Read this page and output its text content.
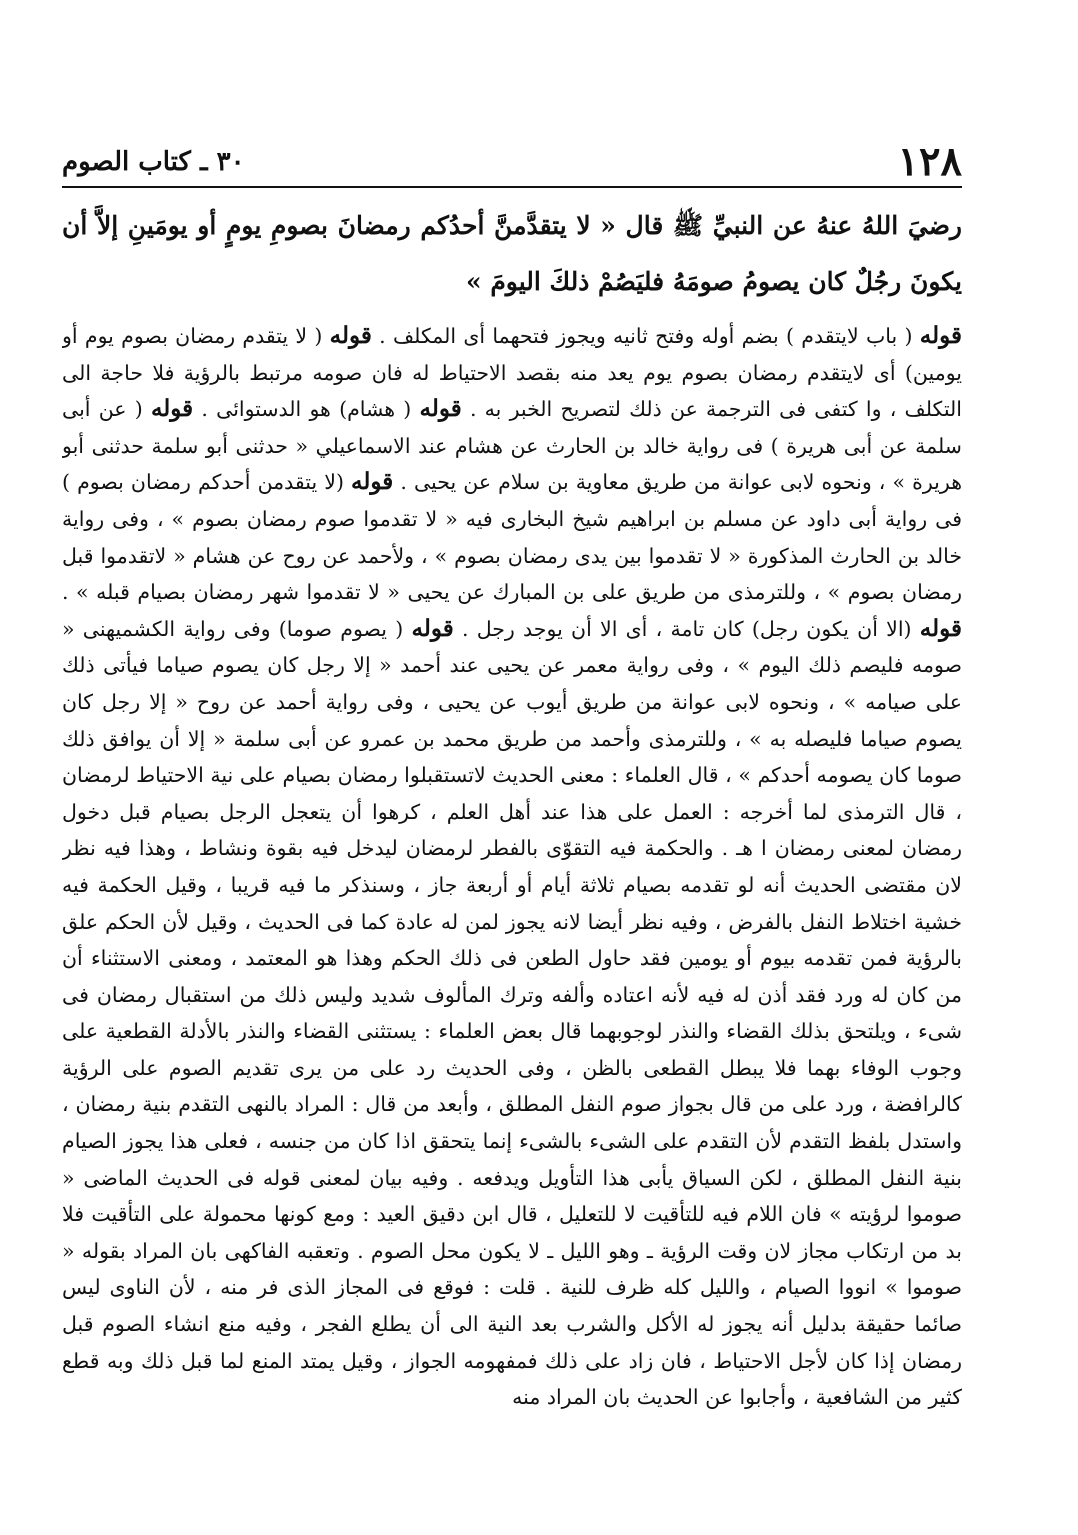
١٢٨
٣٠ ـ كتاب الصوم

رضيَ اللهُ عنهُ عن النبيِّ ﷺ قال « لا يتقدَّمنَّ أحدُكم رمضانَ بصومِ يومٍ أو يومَينِ إلاَّ أن يكونَ رجُلٌ كان يصومُ صومَهُ فليَصُمْ ذلكَ اليومَ »

قوله ( باب لايتقدم ) بضم أوله وفتح ثانيه ويجوز فتحهما أى المكلف . قوله ( لا يتقدم رمضان بصوم يوم أو يومين) أى لايتقدم رمضان بصوم يوم يعد منه بقصد الاحتياط له فان صومه مرتبط بالرؤية فلا حاجة الى التكلف ، وا كتفى فى الترجمة عن ذلك لتصريح الخبر به . قوله ( هشام) هو الدستوائى . قوله ( عن أبى سلمة عن أبى هريرة ) فى رواية خالد بن الحارث عن هشام عند الاسماعيلي « حدثنى أبو سلمة حدثنى أبو هريرة » ، ونحوه لابى عوانة من طريق معاوية بن سلام عن يحيى . قوله (لا يتقدمن أحدكم رمضان بصوم ) فى رواية أبى داود عن مسلم بن ابراهيم شيخ البخارى فيه « لا تقدموا صوم رمضان بصوم » ، وفى رواية خالد بن الحارث المذكورة « لا تقدموا بين يدى رمضان بصوم » ، ولأحمد عن روح عن هشام « لاتقدموا قبل رمضان بصوم » ، وللترمذى من طريق على بن المبارك عن يحيى « لا تقدموا شهر رمضان بصيام قبله » . قوله (الا أن يكون رجل) كان تامة ، أى الا أن يوجد رجل . قوله ( يصوم صوما) وفى رواية الكشميهنى « صومه فليصم ذلك اليوم » ، وفى رواية معمر عن يحيى عند أحمد « إلا رجل كان يصوم صياما فيأتى ذلك على صيامه » ، ونحوه لابى عوانة من طريق أيوب عن يحيى ، وفى رواية أحمد عن روح « إلا رجل كان يصوم صياما فليصله به » ، وللترمذى وأحمد من طريق محمد بن عمرو عن أبى سلمة « إلا أن يوافق ذلك صوما كان يصومه أحدكم » ، قال العلماء : معنى الحديث لاتستقبلوا رمضان بصيام على نية الاحتياط لرمضان ، قال الترمذى لما أخرجه : العمل على هذا عند أهل العلم ، كرهوا أن يتعجل الرجل بصيام قبل دخول رمضان لمعنى رمضان ا هـ . والحكمة فيه التقوّى بالفطر لرمضان ليدخل فيه بقوة ونشاط ، وهذا فيه نظر لان مقتضى الحديث أنه لو تقدمه بصيام ثلاثة أيام أو أربعة جاز ، وسنذكر ما فيه قريبا ، وقيل الحكمة فيه خشية اختلاط النفل بالفرض ، وفيه نظر أيضا لانه يجوز لمن له عادة كما فى الحديث ، وقيل لأن الحكم علق بالرؤية فمن تقدمه بيوم أو يومين فقد حاول الطعن فى ذلك الحكم وهذا هو المعتمد ، ومعنى الاستثناء أن من كان له ورد فقد أذن له فيه لأنه اعتاده وألفه وترك المألوف شديد وليس ذلك من استقبال رمضان فى شىء ، ويلتحق بذلك القضاء والنذر لوجوبهما قال بعض العلماء : يستثنى القضاء والنذر بالأدلة القطعية على وجوب الوفاء بهما فلا يبطل القطعى بالظن ، وفى الحديث رد على من يرى تقديم الصوم على الرؤية كالرافضة ، ورد على من قال بجواز صوم النفل المطلق ، وأبعد من قال : المراد بالنهى التقدم بنية رمضان ، واستدل بلفظ التقدم لأن التقدم على الشىء بالشىء إنما يتحقق اذا كان من جنسه ، فعلى هذا يجوز الصيام بنية النفل المطلق ، لكن السياق يأبى هذا التأويل ويدفعه . وفيه بيان لمعنى قوله فى الحديث الماضى « صوموا لرؤيته » فان اللام فيه للتأقيت لا للتعليل ، قال ابن دقيق العيد : ومع كونها محمولة على التأقيت فلا بد من ارتكاب مجاز لان وقت الرؤية ـ وهو الليل ـ لا يكون محل الصوم . وتعقبه الفاكهى بان المراد بقوله « صوموا » انووا الصيام ، والليل كله ظرف للنية . قلت : فوقع فى المجاز الذى فر منه ، لأن الناوى ليس صائما حقيقة بدليل أنه يجوز له الأكل والشرب بعد النية الى أن يطلع الفجر ، وفيه منع انشاء الصوم قبل رمضان إذا كان لأجل الاحتياط ، فان زاد على ذلك فمفهومه الجواز ، وقيل يمتد المنع لما قبل ذلك وبه قطع كثير من الشافعية ، وأجابوا عن الحديث بان المراد منه
